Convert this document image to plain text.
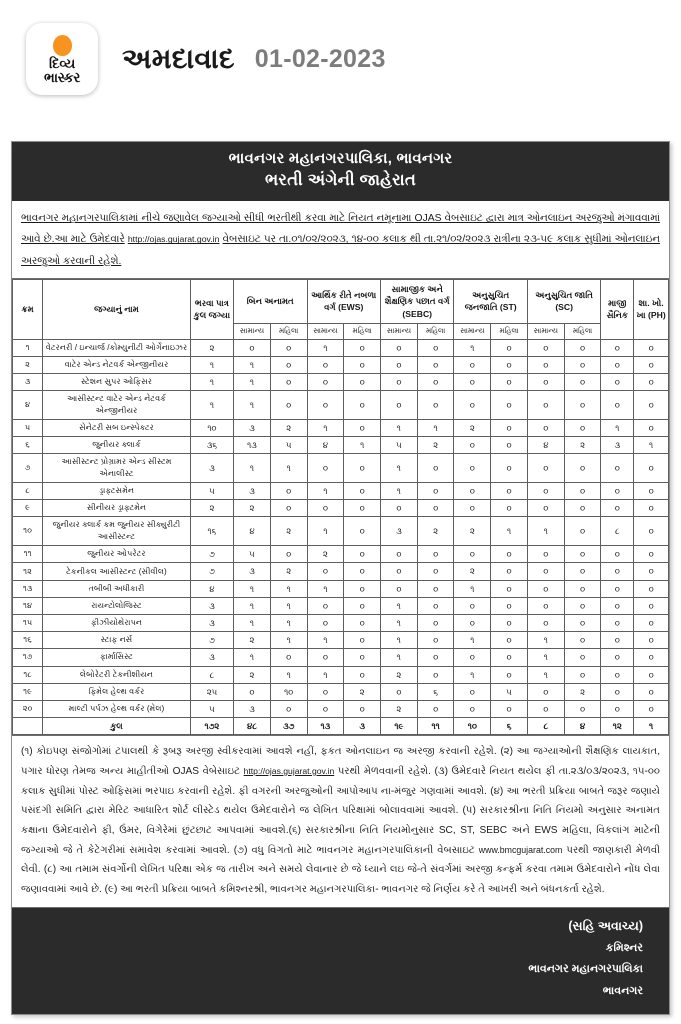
દિવ્ય
ભાસ્કર
અમદાવાદ 01-02-2023
ભાવનગર મહાનગરપાલિકા, ભાવનગર
ભરતી અંગેની જાહેરાત
ભાવનગર મહાનગરપાલિકામાં નીચે જણાવેલ જગ્યાઓ સીધી ભરતીથી કરવા માટે નિયત નમૂનામા OJAS વેબસાઇટ દ્વારા માત્ર ઓનલાઇન અરજુઓ મંગાવવામાં આવે છે.આ માટે ઉમેદવારે http://ojas.gujarat.gov.in વેબસાઇટ પર તા.૦૧/૦૨/૨૦૨૩, ૧૪-૦૦ કલાક થી તા.૨૧/૦૨/૨૦૨૩ રાત્રીના ૨૩-૫૯ કલાક સુધીમાં ઓનલાઇન અરજુઓ કરવાની રહેશે.
ક્રમ	જગ્યાનું નામ	ભરવા પાત્ર કુલ જગ્યા	બિન અનામત		આર્થિક રીતે નબળા વર્ગ (EWS)		સામાજીક અને શૈક્ષણિક પછાત વર્ગ (SEBC)		અનુસુચિત જનજાતિ (ST)		અનુસુચિત જાતિ (SC)		માજી સૈનિક	શા. ખો. ખા (PH)
			સામાન્ય	મહિલા	સામાન્ય	મહિલા	સામાન્ય	મહિલા	સામાન્ય	મહિલા	સામાન્ય	મહિલા		
૧	વેટરનરી / ઇન્ચાર્જ /કોમ્યુનીટી ઓર્ગેનાઇઝર	૨	૦	૦	૧	૦	૦	૦	૧	૦	૦	૦	૦	૦
૨	વાટેર એન્ડ નેટવર્ક એન્જીનીયર	૧	૧	૦	૦	૦	૦	૦	૦	૦	૦	૦	૦	૦
૩	સ્ટેશન સુપર ઓફિસર	૧	૧	૦	૦	૦	૦	૦	૦	૦	૦	૦	૦	૦
૪	આસીસ્ટન્ટ વાટેર એન્ડ નેટવર્ક એન્જીનીયર	૧	૧	૦	૦	૦	૦	૦	૦	૦	૦	૦	૦	૦
૫	સેનેટરી સબ ઇન્સ્પેક્ટર	૧૦	૩	૨	૧	૦	૧	૧	૨	૦	૦	૦	૧	૦
૬	જુનીયર ક્લાર્ક	૩૬	૧૩	૫	૪	૧	૫	૨	૦	૦	૪	૨	૩	૧
૭	આસીસ્ટન્ટ પ્રોગ્રામર એન્ડ સીસ્ટમ એનાલીસ્ટ	૩	૧	૧	૦	૦	૧	૦	૦	૦	૦	૦	૦	૦
૮	ડ્રાફ્ટસમેન	૫	૩	૦	૧	૦	૧	૦	૦	૦	૦	૦	૦	૦
૯	સીનીયર ડ્રાફ્ટમેન	૨	૨	૦	૦	૦	૦	૦	૦	૦	૦	૦	૦	૦
૧૦	જુનીયર ક્લાર્ક કમ જુનીયર સીક્યુરીટી આસીસ્ટન્ટ	૧૬	૪	૨	૧	૦	૩	૨	૨	૧	૧	૦	૮	૦
૧૧	જુનીયર ઓપરેટર	૭	૫	૦	૨	૦	૦	૦	૦	૦	૦	૦	૦	૦
૧૨	ટેકનીકલ આસીસ્ટન્ટ (સીવીલ)	૭	૩	૨	૦	૦	૦	૦	૨	૦	૦	૦	૦	૦
૧૩	તબીબી અધીકારી	૪	૧	૧	૧	૦	૦	૦	૧	૦	૦	૦	૦	૦
૧૪	રાયન્ટોલોજિસ્ટ	૩	૧	૧	૦	૦	૧	૦	૦	૦	૦	૦	૦	૦
૧૫	ફીઝીયોથેરાપન	૩	૧	૧	૦	૦	૧	૦	૦	૦	૦	૦	૦	૦
૧૬	સ્ટાફ નર્સ	૭	૨	૧	૧	૦	૧	૦	૧	૦	૧	૦	૦	૦
૧૭	ફાર્માસિસ્ટ	૩	૧	૦	૦	૦	૧	૦	૦	૦	૧	૦	૦	૦
૧૮	લેબોરેટરી ટેકનીશીયન	૮	૨	૧	૧	૦	૨	૦	૧	૦	૧	૦	૦	૦
૧૯	ફિમેલ હેલ્થ વર્કર	૨૫	૦	૧૦	૦	૨	૦	૬	૦	૫	૦	૨	૦	૦
૨૦	માલ્ટી પર્પઝ હેલ્થ વર્કર (મેલ)	૫	૩	૦	૦	૦	૨	૦	૦	૦	૦	૦	૦	૦
	કુલ	૧૭૨	૪૮	૩૭	૧૩	૩	૧૯	૧૧	૧૦	૬	૮	૪	૧૨	૧
(૧) કોઇપણ સંજોગોમાં ટપાલથી કે રૂબરૂ અરજી સ્વીકરવામાં આવશે નહીં, ફકત ઓનલાઇન જ અરજી કરવાની રહેશે. (૨) આ જગ્યાઓની શૈક્ષણિક લાયકાત, પગાર ધોરણ તેમજ અન્ય માહીતીઓ OJAS વેબેસાઇટ http://ojas.gujarat.gov.in પરથી મેળવવાની રહેશે. (૩) ઉમેદવારે નિયત થયેલ ફી તા.૨૩/૦૩/૨૦૨૩, ૧૫-૦૦ કલાક સુધીમાં પોસ્ટ ઓફિસમાં ભરપાઇ કરવાની રહેશે. ફી વગરની અરજુઓની આપોઆપ ના-મંજુર ગણવામાં આવશે. (૪) આ ભરતી પ્રક્રિયા બાબતે જરૂર જણાયે પસંદગી સમિતિ દ્વારા મેરિટ આધારિત શોર્ટ લીસ્ટેડ થયેલ ઉમેદવારોને જ લેખિત પરિક્ષામાં બોલાવવામાં આવશે. (૫) સરકારશ્રીના નિતિ નિયમો અનુસાર અનામત કક્ષાના ઉમેદવારોને ફી, ઉંમર, વિગેરેમાં છુંટછાટ આપવામાં આવશે.(૬) સરકારશ્રીના નિતિ નિયમોનુસાર SC, ST, SEBC અને EWS મહિલા, વિકલાંગ માટેની જગ્યાઓ જે તે કેટેગરીમાં સમાવેશ કરવામાં આવશે. (૭) વધુ વિગતો માટે ભાવનગર મહાનગરપાલિકાની વેબસાઇટ www.bmcgujarat.com પરથી જાણકારી મેળવી લેવી. (૮) આ તમામ સંવર્ગોની લેખિત પરિક્ષા એક જ તારીખ અને સમયે લેવાનાર છે જે ધ્યાને લઇ જે-તે સંવર્ગમાં અરજી કન્ફર્મ કરવા તમામ ઉમેદવારોને નોંધ લેવા જણાવવામાં આવે છે. (૯) આ ભરતી પ્રક્રિયા બાબતે કમિશ્નરશ્રી, ભાવનગર મહાનગરપાલિકા- ભાવનગર જે નિર્ણય કરે તે આખરી અને બંધનકર્તા રહેશે.
(સહિ અવાચ્ય)
કમિશ્નર
ભાવનગર મહાનગરપાલિકા
ભાવનગર
